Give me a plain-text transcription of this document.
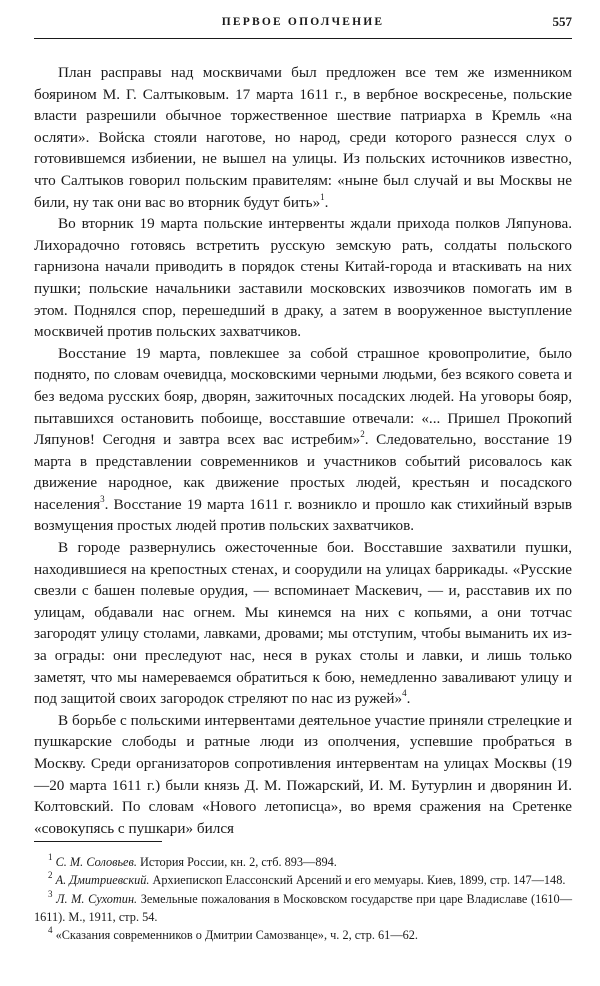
ПЕРВОЕ ОПОЛЧЕНИЕ	557

План расправы над москвичами был предложен все тем же изменником боярином М. Г. Салтыковым. 17 марта 1611 г., в вербное воскресенье, польские власти разрешили обычное торжественное шествие патриарха в Кремль «на осляти». Войска стояли наготове, но народ, среди которого разнесся слух о готовившемся избиении, не вышел на улицы. Из польских источников известно, что Салтыков говорил польским правителям: «ныне был случай и вы Москвы не били, ну так они вас во вторник будут бить»$^1$.

Во вторник 19 марта польские интервенты ждали прихода полков Ляпунова. Лихорадочно готовясь встретить русскую земскую рать, солдаты польского гарнизона начали приводить в порядок стены Китай-города и втаскивать на них пушки; польские начальники заставили московских извозчиков помогать им в этом. Поднялся спор, перешедший в драку, а затем в вооруженное выступление москвичей против польских захватчиков.

Восстание 19 марта, повлекшее за собой страшное кровопролитие, было поднято, по словам очевидца, московскими черными людьми, без всякого совета и без ведома русских бояр, дворян, зажиточных посадских людей. На уговоры бояр, пытавшихся остановить побоище, восставшие отвечали: «... Пришел Прокопий Ляпунов! Сегодня и завтра всех вас истребим»$^2$. Следовательно, восстание 19 марта в представлении современников и участников событий рисовалось как движение народное, как движение простых людей, крестьян и посадского населения$^3$. Восстание 19 марта 1611 г. возникло и прошло как стихийный взрыв возмущения простых людей против польских захватчиков.

В городе развернулись ожесточенные бои. Восставшие захватили пушки, находившиеся на крепостных стенах, и соорудили на улицах баррикады. «Русские свезли с башен полевые орудия, — вспоминает Маскевич, — и, расставив их по улицам, обдавали нас огнем. Мы кинемся на них с копьями, а они тотчас загородят улицу столами, лавками, дровами; мы отступим, чтобы выманить их из-за ограды: они преследуют нас, неся в руках столы и лавки, и лишь только заметят, что мы намереваемся обратиться к бою, немедленно заваливают улицу и под защитой своих загородок стреляют по нас из ружей»$^4$.

В борьбе с польскими интервентами деятельное участие приняли стрелецкие и пушкарские слободы и ратные люди из ополчения, успевшие пробраться в Москву. Среди организаторов сопротивления интервентам на улицах Москвы (19—20 марта 1611 г.) были князь Д. М. Пожарский, И. М. Бутурлин и дворянин И. Колтовский. По словам «Нового летописца», во время сражения на Сретенке «совокупясь с пушкари» бился

$^1$ С. М. Соловьев. История России, кн. 2, стб. 893—894.

$^2$ А. Дмитриевский. Архиепископ Елассонский Арсений и его мемуары. Киев, 1899, стр. 147—148.

$^3$ Л. М. Сухотин. Земельные пожалования в Московском государстве при царе Владиславе (1610—1611). М., 1911, стр. 54.

$^4$ «Сказания современников о Дмитрии Самозванце», ч. 2, стр. 61—62.
